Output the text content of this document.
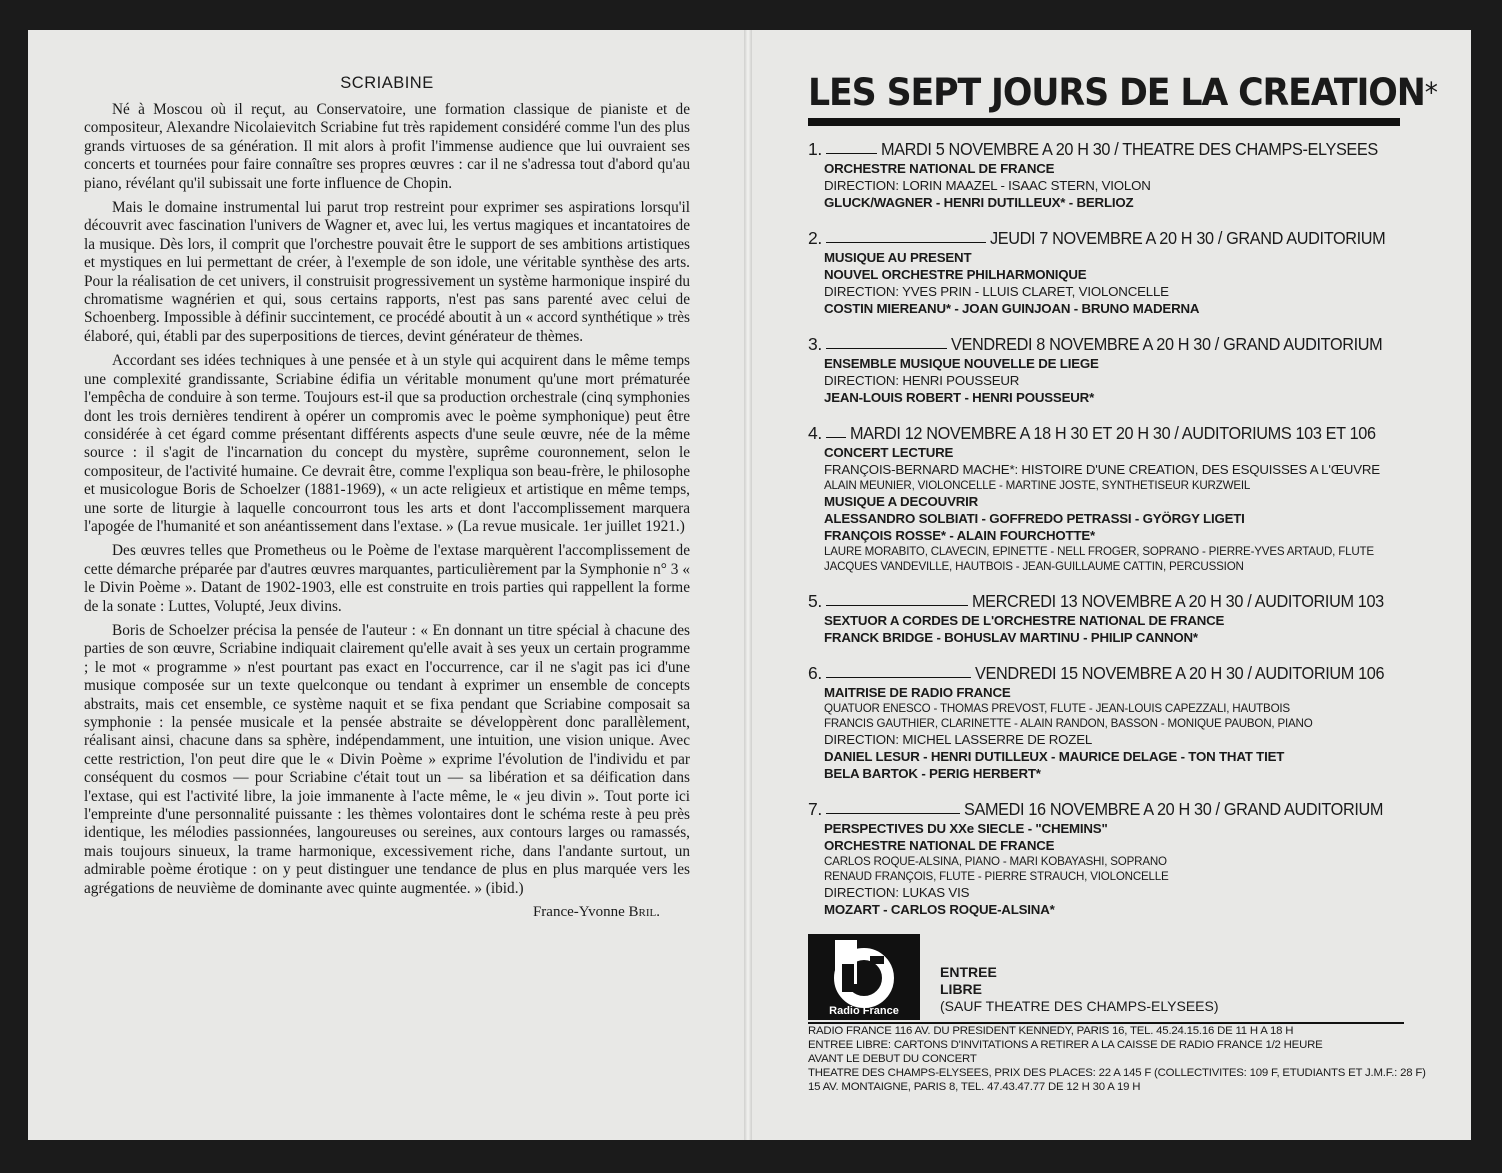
SCRIABINE

Né à Moscou où il reçut, au Conservatoire, une formation classique de pianiste et de compositeur, Alexandre Nicolaievitch Scriabine fut très rapidement considéré comme l'un des plus grands virtuoses de sa génération. Il mit alors à profit l'immense audience que lui ouvraient ses concerts et tournées pour faire connaître ses propres œuvres : car il ne s'adressa tout d'abord qu'au piano, révélant qu'il subissait une forte influence de Chopin.

Mais le domaine instrumental lui parut trop restreint pour exprimer ses aspirations lorsqu'il découvrit avec fascination l'univers de Wagner et, avec lui, les vertus magiques et incantatoires de la musique. Dès lors, il comprit que l'orchestre pouvait être le support de ses ambitions artistiques et mystiques en lui permettant de créer, à l'exemple de son idole, une véritable synthèse des arts. Pour la réalisation de cet univers, il construisit progressivement un système harmonique inspiré du chromatisme wagnérien et qui, sous certains rapports, n'est pas sans parenté avec celui de Schoenberg. Impossible à définir succintement, ce procédé aboutit à un « accord synthétique » très élaboré, qui, établi par des superpositions de tierces, devint générateur de thèmes.

Accordant ses idées techniques à une pensée et à un style qui acquirent dans le même temps une complexité grandissante, Scriabine édifia un véritable monument qu'une mort prématurée l'empêcha de conduire à son terme. Toujours est-il que sa production orchestrale (cinq symphonies dont les trois dernières tendirent à opérer un compromis avec le poème symphonique) peut être considérée à cet égard comme présentant différents aspects d'une seule œuvre, née de la même source : il s'agit de l'incarnation du concept du mystère, suprême couronnement, selon le compositeur, de l'activité humaine. Ce devrait être, comme l'expliqua son beau-frère, le philosophe et musicologue Boris de Schoelzer (1881-1969), « un acte religieux et artistique en même temps, une sorte de liturgie à laquelle concourront tous les arts et dont l'accomplissement marquera l'apogée de l'humanité et son anéantissement dans l'extase. » (La revue musicale. 1er juillet 1921.)

Des œuvres telles que Prometheus ou le Poème de l'extase marquèrent l'accomplissement de cette démarche préparée par d'autres œuvres marquantes, particulièrement par la Symphonie n° 3 « le Divin Poème ». Datant de 1902-1903, elle est construite en trois parties qui rappellent la forme de la sonate : Luttes, Volupté, Jeux divins.

Boris de Schoelzer précisa la pensée de l'auteur : « En donnant un titre spécial à chacune des parties de son œuvre, Scriabine indiquait clairement qu'elle avait à ses yeux un certain programme ; le mot « programme » n'est pourtant pas exact en l'occurrence, car il ne s'agit pas ici d'une musique composée sur un texte quelconque ou tendant à exprimer un ensemble de concepts abstraits, mais cet ensemble, ce système naquit et se fixa pendant que Scriabine composait sa symphonie : la pensée musicale et la pensée abstraite se développèrent donc parallèlement, réalisant ainsi, chacune dans sa sphère, indépendamment, une intuition, une vision unique. Avec cette restriction, l'on peut dire que le « Divin Poème » exprime l'évolution de l'individu et par conséquent du cosmos — pour Scriabine c'était tout un — sa libération et sa déification dans l'extase, qui est l'activité libre, la joie immanente à l'acte même, le « jeu divin ». Tout porte ici l'empreinte d'une personnalité puissante : les thèmes volontaires dont le schéma reste à peu près identique, les mélodies passionnées, langoureuses ou sereines, aux contours larges ou ramassés, mais toujours sinueux, la trame harmonique, excessivement riche, dans l'andante surtout, un admirable poème érotique : on y peut distinguer une tendance de plus en plus marquée vers les agrégations de neuvième de dominante avec quinte augmentée. » (ibid.)

France-Yvonne Bril.
LES SEPT JOURS DE LA CREATION*
1.	MARDI 5 NOVEMBRE A 20 H 30 / THEATRE DES CHAMPS-ELYSEES
ORCHESTRE NATIONAL DE FRANCE
DIRECTION: LORIN MAAZEL - ISAAC STERN, VIOLON
GLUCK/WAGNER - HENRI DUTILLEUX* - BERLIOZ
2.	JEUDI 7 NOVEMBRE A 20 H 30 / GRAND AUDITORIUM
MUSIQUE AU PRESENT
NOUVEL ORCHESTRE PHILHARMONIQUE
DIRECTION: YVES PRIN - LLUIS CLARET, VIOLONCELLE
COSTIN MIEREANU* - JOAN GUINJOAN - BRUNO MADERNA
3.	VENDREDI 8 NOVEMBRE A 20 H 30 / GRAND AUDITORIUM
ENSEMBLE MUSIQUE NOUVELLE DE LIEGE
DIRECTION: HENRI POUSSEUR
JEAN-LOUIS ROBERT - HENRI POUSSEUR*
4. MARDI 12 NOVEMBRE A 18 H 30 ET 20 H 30 / AUDITORIUMS 103 ET 106
CONCERT LECTURE
FRANÇOIS-BERNARD MACHE*: HISTOIRE D'UNE CREATION, DES ESQUISSES A L'ŒUVRE
ALAIN MEUNIER, VIOLONCELLE - MARTINE JOSTE, SYNTHETISEUR KURZWEIL
MUSIQUE A DECOUVRIR
ALESSANDRO SOLBIATI - GOFFREDO PETRASSI - GYÖRGY LIGETI
FRANÇOIS ROSSE* - ALAIN FOURCHOTTE*
LAURE MORABITO, CLAVECIN, EPINETTE - NELL FROGER, SOPRANO - PIERRE-YVES ARTAUD, FLUTE
JACQUES VANDEVILLE, HAUTBOIS - JEAN-GUILLAUME CATTIN, PERCUSSION
5.	MERCREDI 13 NOVEMBRE A 20 H 30 / AUDITORIUM 103
SEXTUOR A CORDES DE L'ORCHESTRE NATIONAL DE FRANCE
FRANCK BRIDGE - BOHUSLAV MARTINU - PHILIP CANNON*
6.	VENDREDI 15 NOVEMBRE A 20 H 30 / AUDITORIUM 106
MAITRISE DE RADIO FRANCE
QUATUOR ENESCO - THOMAS PREVOST, FLUTE - JEAN-LOUIS CAPEZZALI, HAUTBOIS
FRANCIS GAUTHIER, CLARINETTE - ALAIN RANDON, BASSON - MONIQUE PAUBON, PIANO
DIRECTION: MICHEL LASSERRE DE ROZEL
DANIEL LESUR - HENRI DUTILLEUX - MAURICE DELAGE - TON THAT TIET
BELA BARTOK - PERIG HERBERT*
7.	SAMEDI 16 NOVEMBRE A 20 H 30 / GRAND AUDITORIUM
PERSPECTIVES DU XXe SIECLE - "CHEMINS"
ORCHESTRE NATIONAL DE FRANCE
CARLOS ROQUE-ALSINA, PIANO - MARI KOBAYASHI, SOPRANO
RENAUD FRANÇOIS, FLUTE - PIERRE STRAUCH, VIOLONCELLE
DIRECTION: LUKAS VIS
MOZART - CARLOS ROQUE-ALSINA*
Radio France
ENTREE
LIBRE
(SAUF THEATRE DES CHAMPS-ELYSEES)
RADIO FRANCE 116 AV. DU PRESIDENT KENNEDY, PARIS 16, TEL. 45.24.15.16 DE 11 H A 18 H
ENTREE LIBRE: CARTONS D'INVITATIONS A RETIRER A LA CAISSE DE RADIO FRANCE 1/2 HEURE
AVANT LE DEBUT DU CONCERT
THEATRE DES CHAMPS-ELYSEES, PRIX DES PLACES: 22 A 145 F (COLLECTIVITES: 109 F, ETUDIANTS ET J.M.F.: 28 F)
15 AV. MONTAIGNE, PARIS 8, TEL. 47.43.47.77 DE 12 H 30 A 19 H
